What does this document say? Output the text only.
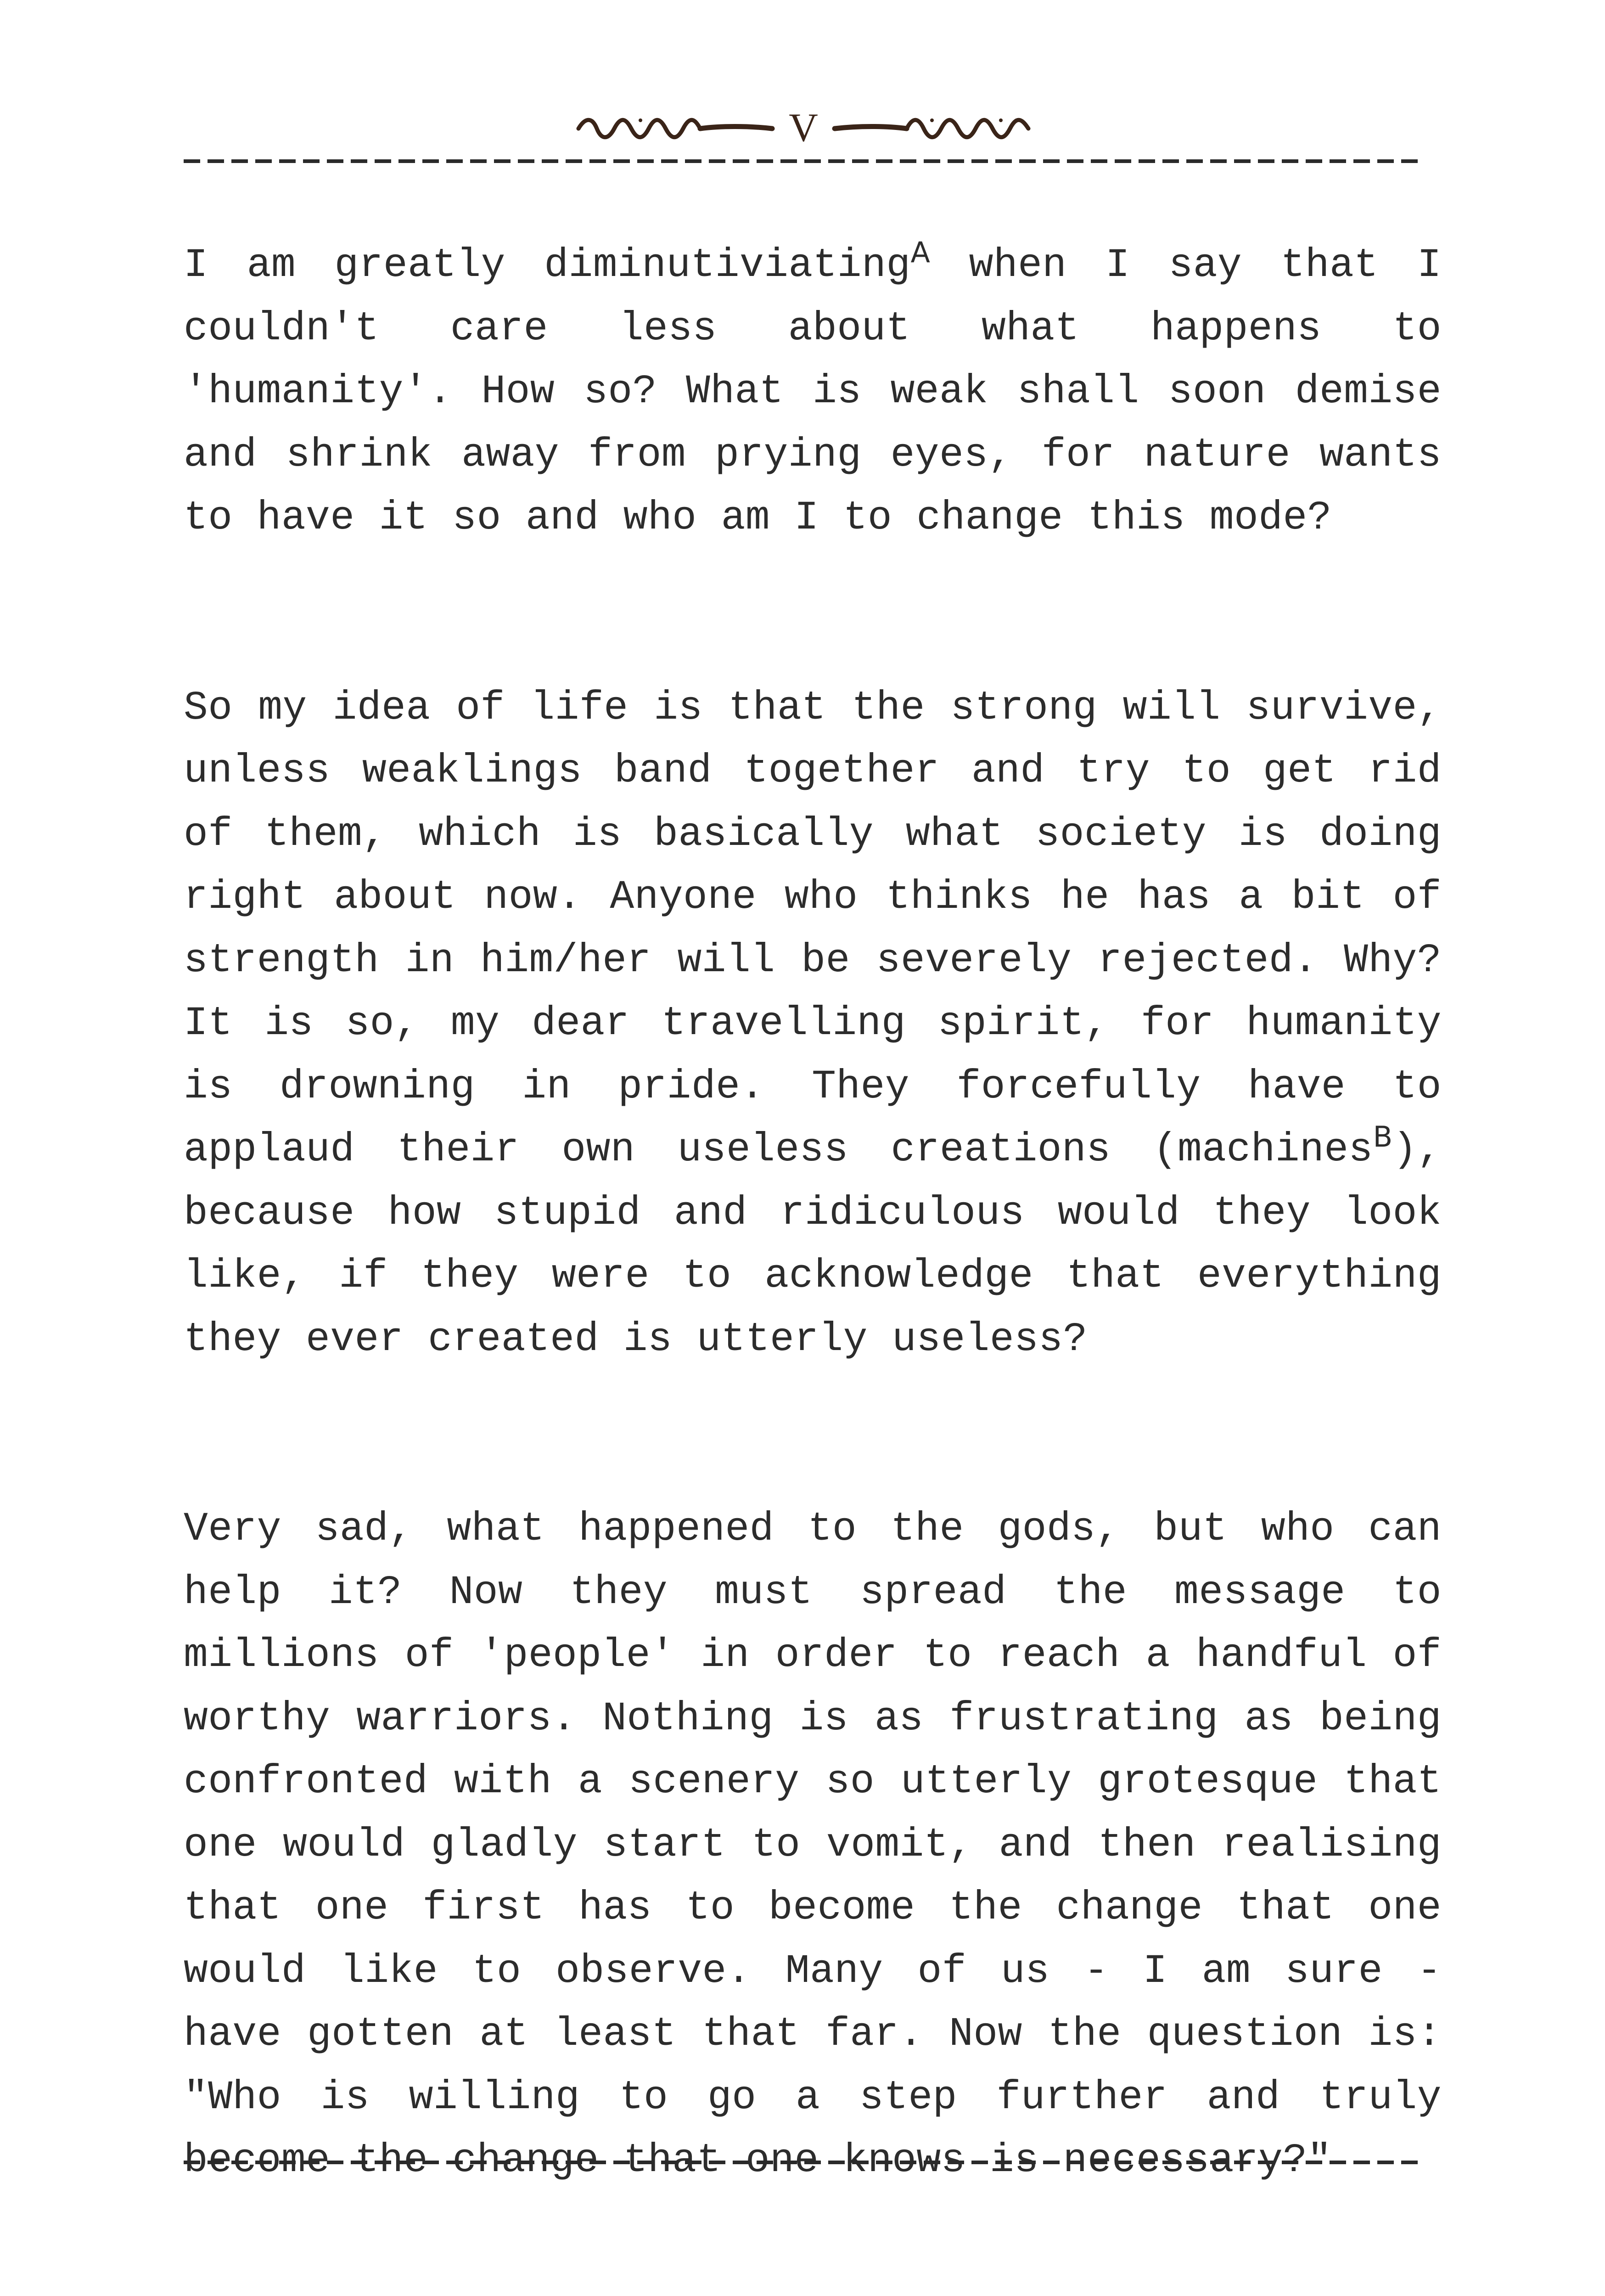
V

I am greatly diminutiviating$^A$ when I say that I couldn't care less about what happens to 'humanity'. How so? What is weak shall soon demise and shrink away from prying eyes, for nature wants to have it so and who am I to change this mode?

So my idea of life is that the strong will survive, unless weaklings band together and try to get rid of them, which is basically what society is doing right about now. Anyone who thinks he has a bit of strength in him/her will be severely rejected. Why? It is so, my dear travelling spirit, for humanity is drowning in pride. They forcefully have to applaud their own useless creations (machines$^B$), because how stupid and ridiculous would they look like, if they were to acknowledge that everything they ever created is utterly useless?

Very sad, what happened to the gods, but who can help it? Now they must spread the message to millions of 'people' in order to reach a handful of worthy warriors. Nothing is as frustrating as being confronted with a scenery so utterly grotesque that one would gladly start to vomit, and then realising that one first has to become the change that one would like to observe. Many of us - I am sure - have gotten at least that far. Now the question is: "Who is willing to go a step further and truly become the change that one knows is necessary?"
